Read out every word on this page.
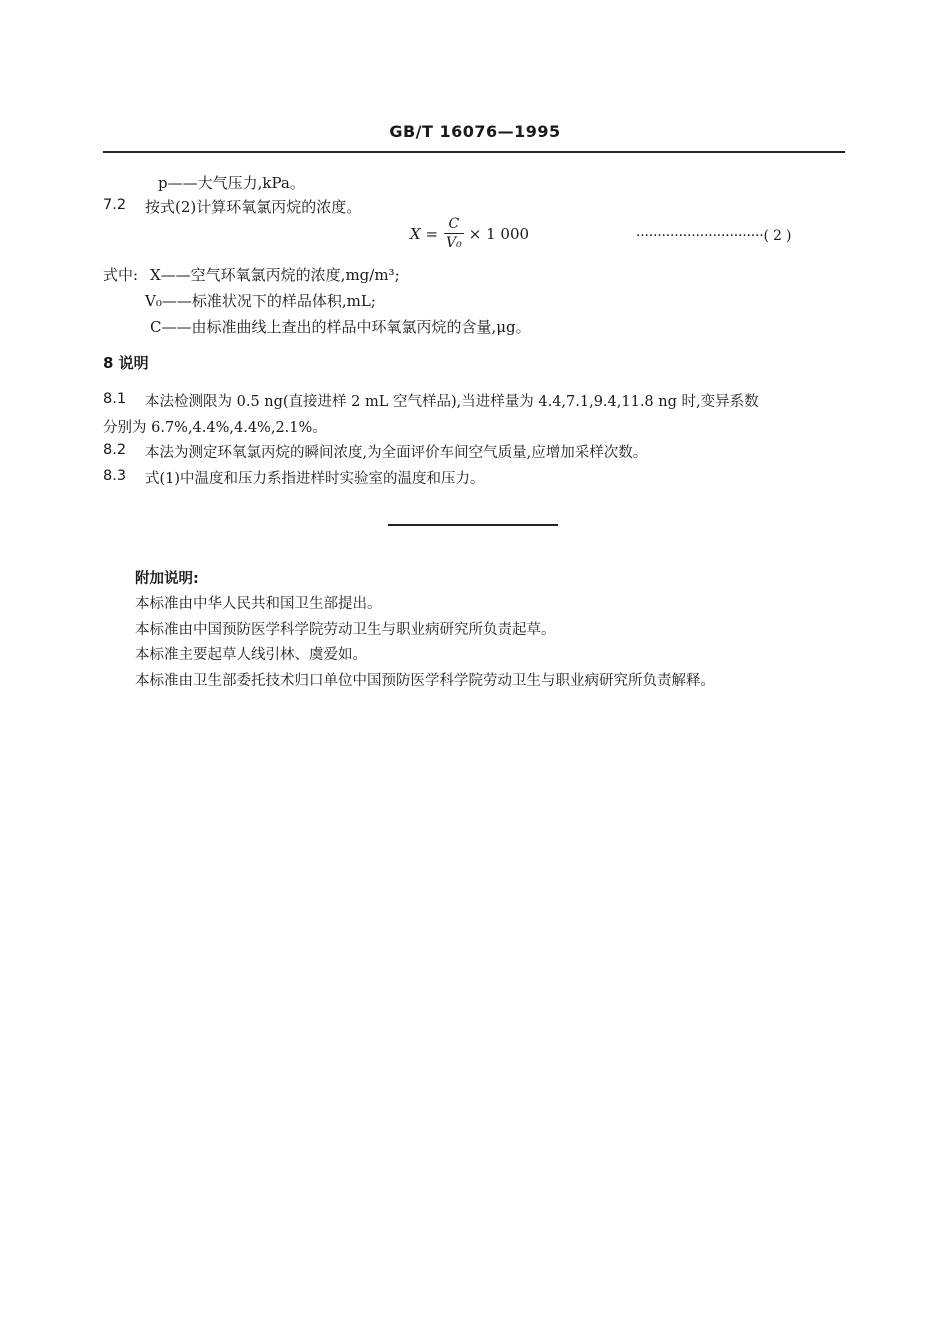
GB/T 16076—1995
p——大气压力,kPa。
7.2 按式(2)计算环氧氯丙烷的浓度。
$X = \frac{C}{\text{V₀}} \times 1$ 000	······························( 2 )
式中: X——空气环氧氯丙烷的浓度,mg/m³;
V₀——标准状况下的样品体积,mL;
C——由标准曲线上查出的样品中环氧氯丙烷的含量,μg。
8 说明
8.1 本法检测限为 0.5 ng(直接进样 2 mL 空气样品),当进样量为 4.4,7.1,9.4,11.8 ng 时,变异系数
分别为 6.7%,4.4%,4.4%,2.1%。
8.2 本法为测定环氧氯丙烷的瞬间浓度,为全面评价车间空气质量,应增加采样次数。
8.3 式(1)中温度和压力系指进样时实验室的温度和压力。
附加说明:
本标准由中华人民共和国卫生部提出。
本标准由中国预防医学科学院劳动卫生与职业病研究所负责起草。
本标准主要起草人线引林、虞爱如。
本标准由卫生部委托技术归口单位中国预防医学科学院劳动卫生与职业病研究所负责解释。
